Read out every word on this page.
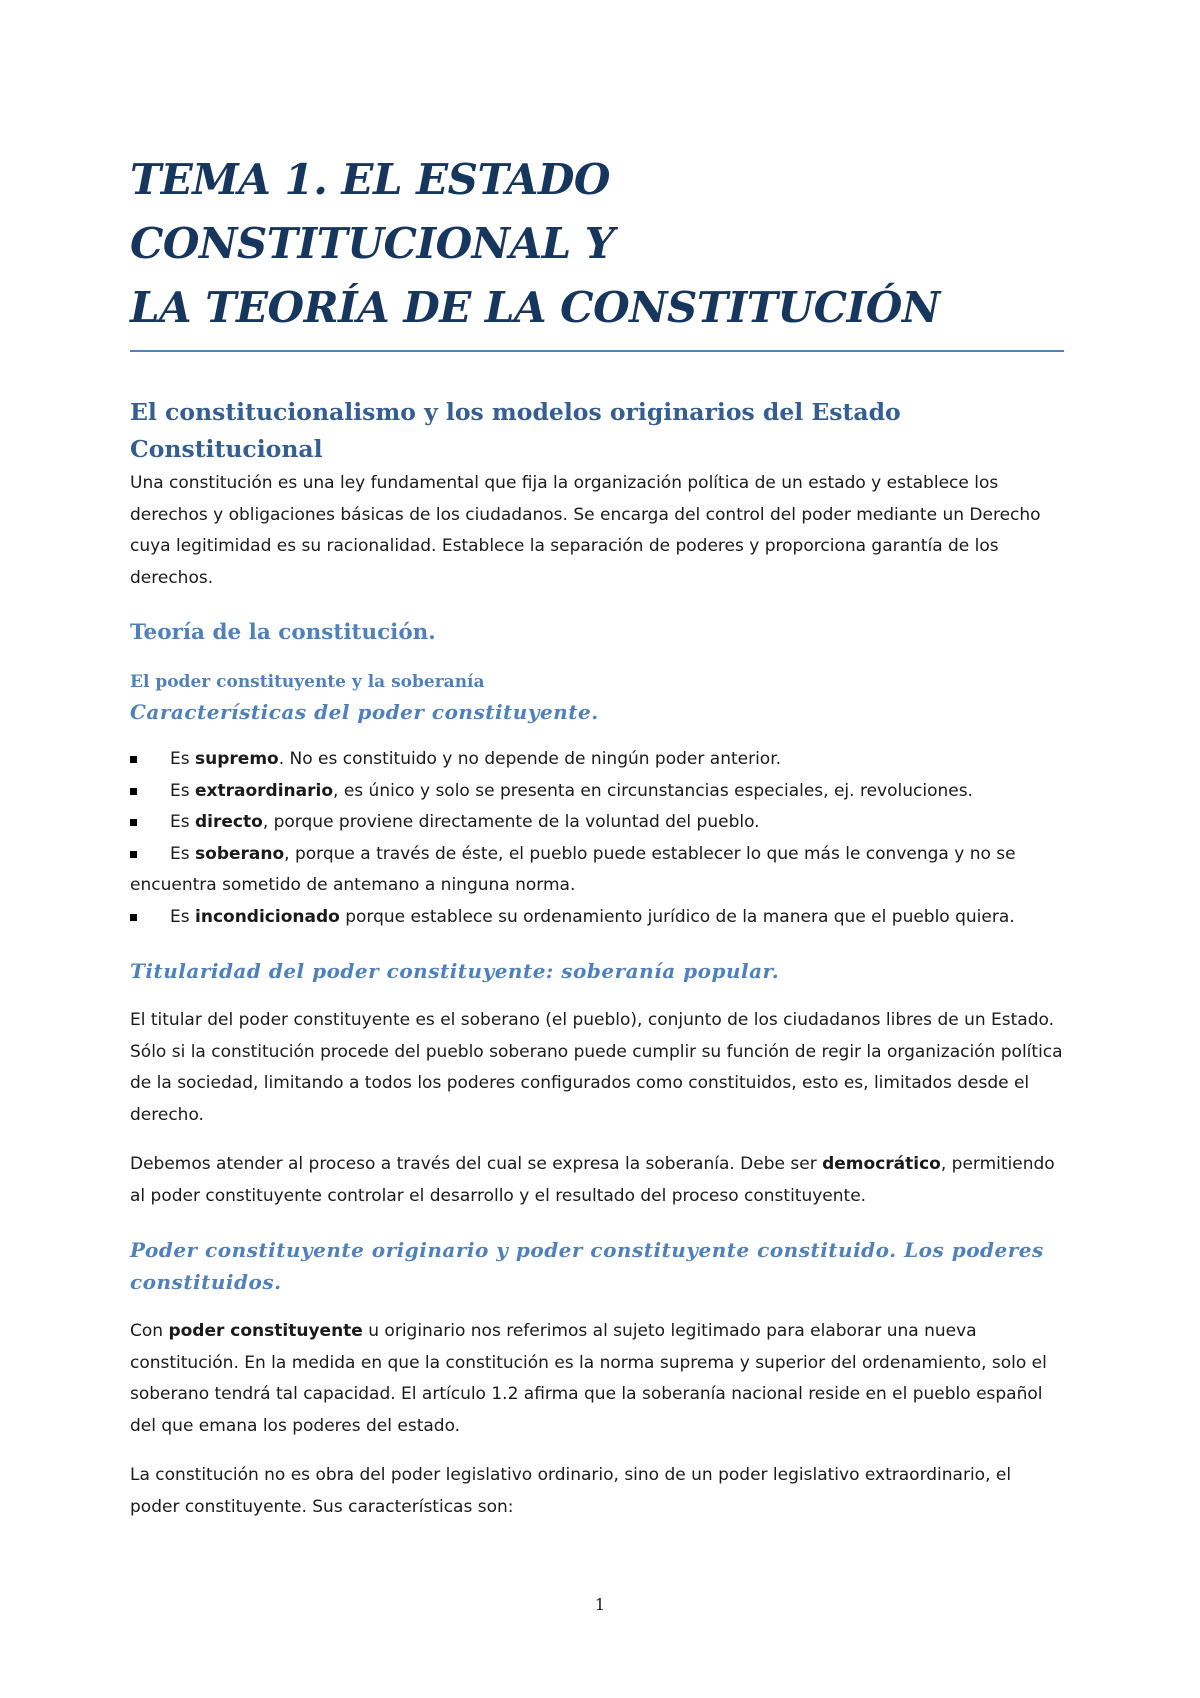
TEMA 1. EL ESTADO CONSTITUCIONAL Y
LA TEORÍA DE LA CONSTITUCIÓN
El constitucionalismo y los modelos originarios del Estado Constitucional

Una constitución es una ley fundamental que fija la organización política de un estado y establece los derechos y obligaciones básicas de los ciudadanos. Se encarga del control del poder mediante un Derecho cuya legitimidad es su racionalidad. Establece la separación de poderes y proporciona garantía de los derechos.

Teoría de la constitución.
El poder constituyente y la soberanía
Características del poder constituyente.
Es supremo. No es constituido y no depende de ningún poder anterior.
Es extraordinario, es único y solo se presenta en circunstancias especiales, ej. revoluciones.
Es directo, porque proviene directamente de la voluntad del pueblo.
Es soberano, porque a través de éste, el pueblo puede establecer lo que más le convenga y no se encuentra sometido de antemano a ninguna norma.
Es incondicionado porque establece su ordenamiento jurídico de la manera que el pueblo quiera.
Titularidad del poder constituyente: soberanía popular.

El titular del poder constituyente es el soberano (el pueblo), conjunto de los ciudadanos libres de un Estado. Sólo si la constitución procede del pueblo soberano puede cumplir su función de regir la organización política de la sociedad, limitando a todos los poderes configurados como constituidos, esto es, limitados desde el derecho.

Debemos atender al proceso a través del cual se expresa la soberanía. Debe ser democrático, permitiendo al poder constituyente controlar el desarrollo y el resultado del proceso constituyente.

Poder constituyente originario y poder constituyente constituido. Los poderes constituidos.

Con poder constituyente u originario nos referimos al sujeto legitimado para elaborar una nueva constitución. En la medida en que la constitución es la norma suprema y superior del ordenamiento, solo el soberano tendrá tal capacidad. El artículo 1.2 afirma que la soberanía nacional reside en el pueblo español del que emana los poderes del estado.

La constitución no es obra del poder legislativo ordinario, sino de un poder legislativo extraordinario, el poder constituyente. Sus características son:

1
